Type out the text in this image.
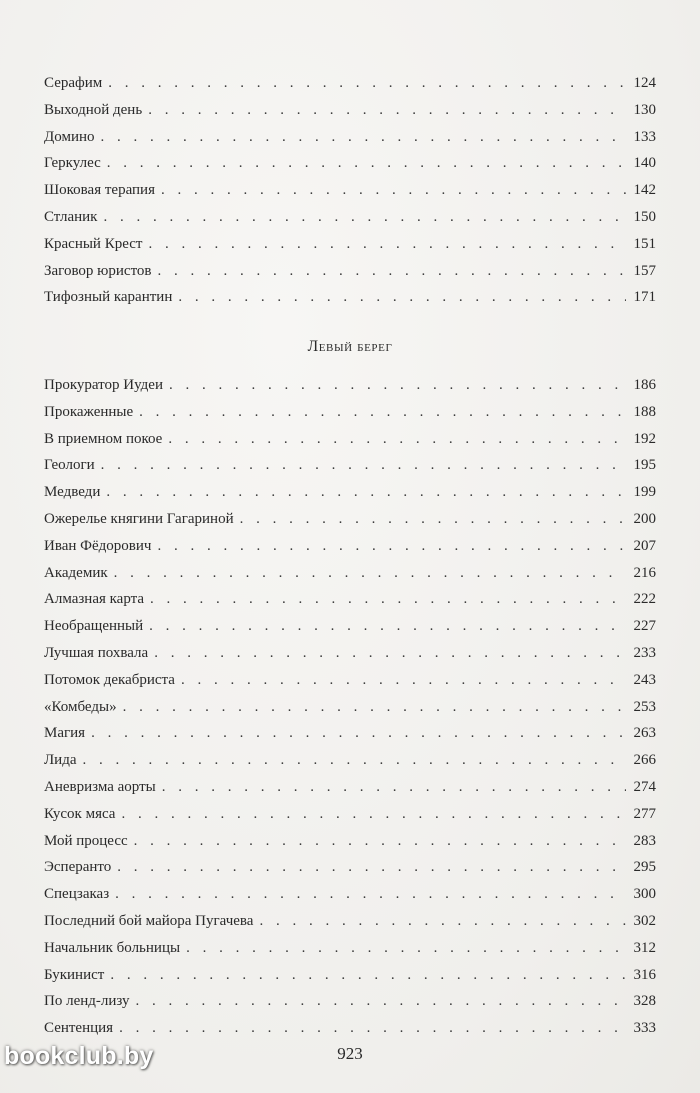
Серафим . . .	124
Выходной день . . .	130
Домино . . .	133
Геркулес . . .	140
Шоковая терапия . . .	142
Стланик . . .	150
Красный Крест . . .	151
Заговор юристов . . .	157
Тифозный карантин . . .	171
Левый берег
Прокуратор Иудеи . . .	186
Прокаженные . . .	188
В приемном покое . . .	192
Геологи . . .	195
Медведи . . .	199
Ожерелье княгини Гагариной . . .	200
Иван Фёдорович . . .	207
Академик . . .	216
Алмазная карта . . .	222
Необращенный . . .	227
Лучшая похвала . . .	233
Потомок декабриста . . .	243
«Комбеды» . . .	253
Магия . . .	263
Лида . . .	266
Аневризма аорты . . .	274
Кусок мяса . . .	277
Мой процесс . . .	283
Эсперанто . . .	295
Спецзаказ . . .	300
Последний бой майора Пугачева . . .	302
Начальник больницы . . .	312
Букинист . . .	316
По ленд-лизу . . .	328
Сентенция . . .	333
923
bookclub.by
